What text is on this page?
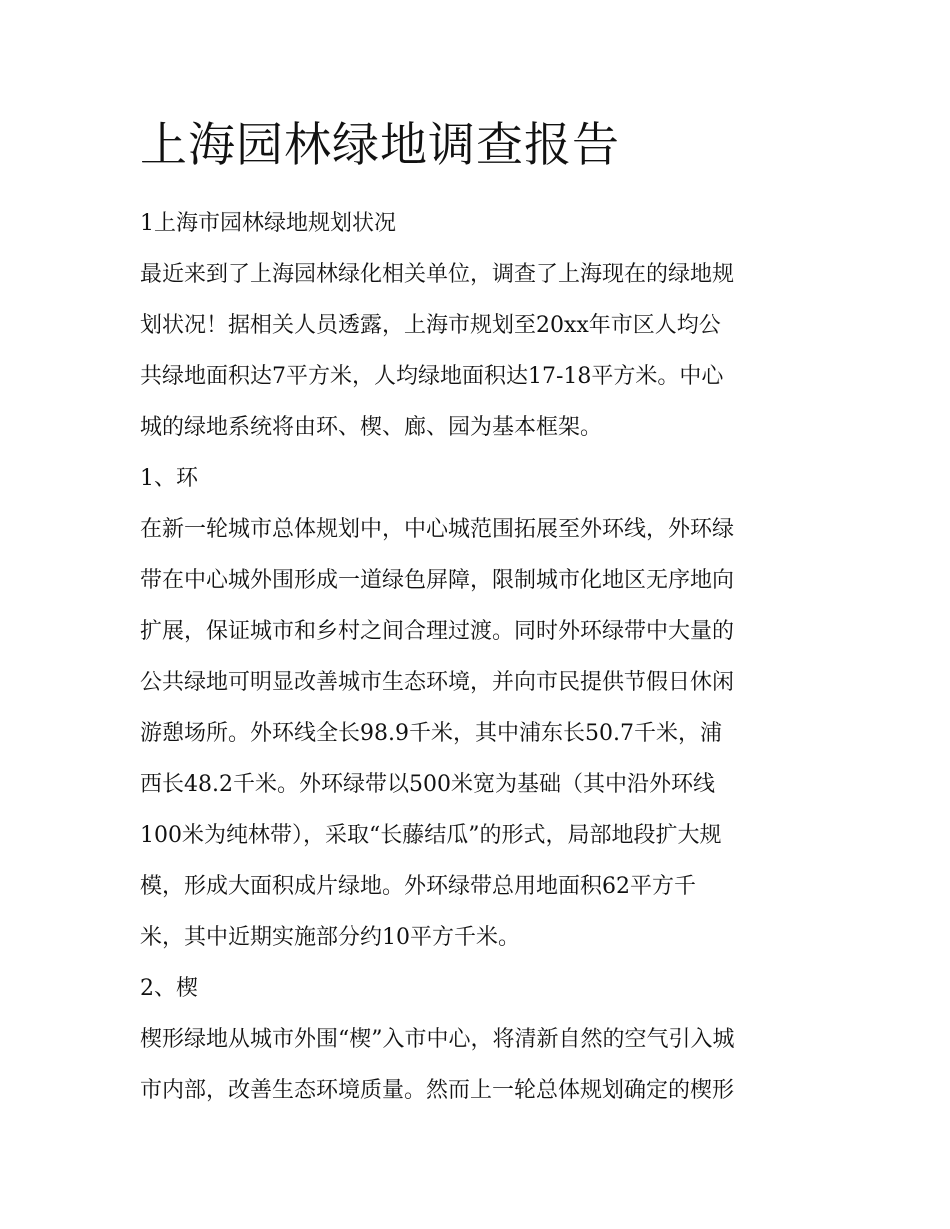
上海园林绿地调查报告
1上海市园林绿地规划状况

最近来到了上海园林绿化相关单位，调查了上海现在的绿地规
划状况！据相关人员透露，上海市规划至20xx年市区人均公
共绿地面积达7平方米，人均绿地面积达17-18平方米。中心
城的绿地系统将由环、楔、廊、园为基本框架。

1、环

在新一轮城市总体规划中，中心城范围拓展至外环线，外环绿
带在中心城外围形成一道绿色屏障，限制城市化地区无序地向
扩展，保证城市和乡村之间合理过渡。同时外环绿带中大量的
公共绿地可明显改善城市生态环境，并向市民提供节假日休闲
游憩场所。外环线全长98.9千米，其中浦东长50.7千米，浦
西长48.2千米。外环绿带以500米宽为基础（其中沿外环线
100米为纯林带），采取“长藤结瓜”的形式，局部地段扩大规
模，形成大面积成片绿地。外环绿带总用地面积62平方千
米，其中近期实施部分约10平方千米。

2、楔

楔形绿地从城市外围“楔”入市中心，将清新自然的空气引入城
市内部，改善生态环境质量。然而上一轮总体规划确定的楔形
